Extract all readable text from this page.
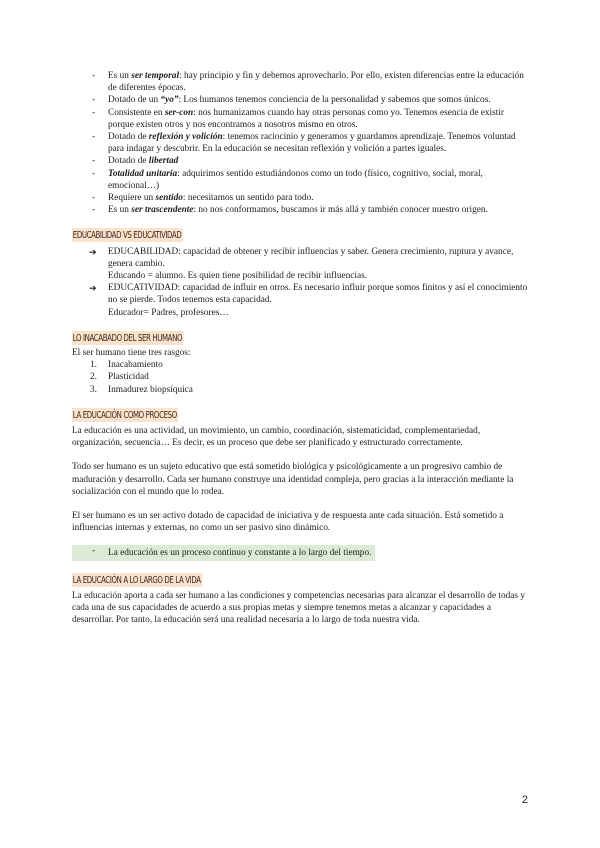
- Es un ser temporal: hay principio y fin y debemos aprovecharlo. Por ello, existen diferencias entre la educación de diferentes épocas.
- Dotado de un “yo”: Los humanos tenemos conciencia de la personalidad y sabemos que somos únicos.
- Consistente en ser-con: nos humanizamos cuando hay otras personas como yo. Tenemos esencia de existir porque existen otros y nos encontramos a nosotros mismo en otros.
- Dotado de reflexión y volición: tenemos raciocinio y generamos y guardamos aprendizaje. Tenemos voluntad para indagar y descubrir. En la educación se necesitan reflexión y volición a partes iguales.
- Dotado de libertad
- Totalidad unitaria: adquirimos sentido estudiándonos como un todo (físico, cognitivo, social, moral, emocional…)
- Requiere un sentido: necesitamos un sentido para todo.
- Es un ser trascendente: no nos conformamos, buscamos ir más allá y también conocer nuestro origen.
EDUCABILIDAD VS EDUCATIVIDAD
➔ EDUCABILIDAD: capacidad de obtener y recibir influencias y saber. Genera crecimiento, ruptura y avance, genera cambio.
Educando = alumno. Es quien tiene posibilidad de recibir influencias.
➔ EDUCATIVIDAD: capacidad de influir en otros. Es necesario influir porque somos finitos y así el conocimiento no se pierde. Todos tenemos esta capacidad.
Educador= Padres, profesores…
LO INACABADO DEL SER HUMANO

El ser humano tiene tres rasgos:

1. Inacabamiento
2. Plasticidad
3. Inmadurez biopsíquica
LA EDUCACIÓN COMO PROCESO

La educación es una actividad, un movimiento, un cambio, coordinación, sistematicidad, complementariedad, organización, secuencia… Es decir, es un proceso que debe ser planificado y estructurado correctamente.

Todo ser humano es un sujeto educativo que está sometido biológica y psicológicamente a un progresivo cambio de maduración y desarrollo. Cada ser humano construye una identidad compleja, pero gracias a la interacción mediante la socialización con el mundo que lo rodea.

El ser humano es un ser activo dotado de capacidad de iniciativa y de respuesta ante cada situación. Está sometido a influencias internas y externas, no como un ser pasivo sino dinámico.

- La educación es un proceso continuo y constante a lo largo del tiempo.
LA EDUCACIÓN A LO LARGO DE LA VIDA

La educación aporta a cada ser humano a las condiciones y competencias necesarias para alcanzar el desarrollo de todas y cada una de sus capacidades de acuerdo a sus propias metas y siempre tenemos metas a alcanzar y capacidades a desarrollar. Por tanto, la educación será una realidad necesaria a lo largo de toda nuestra vida.

2
